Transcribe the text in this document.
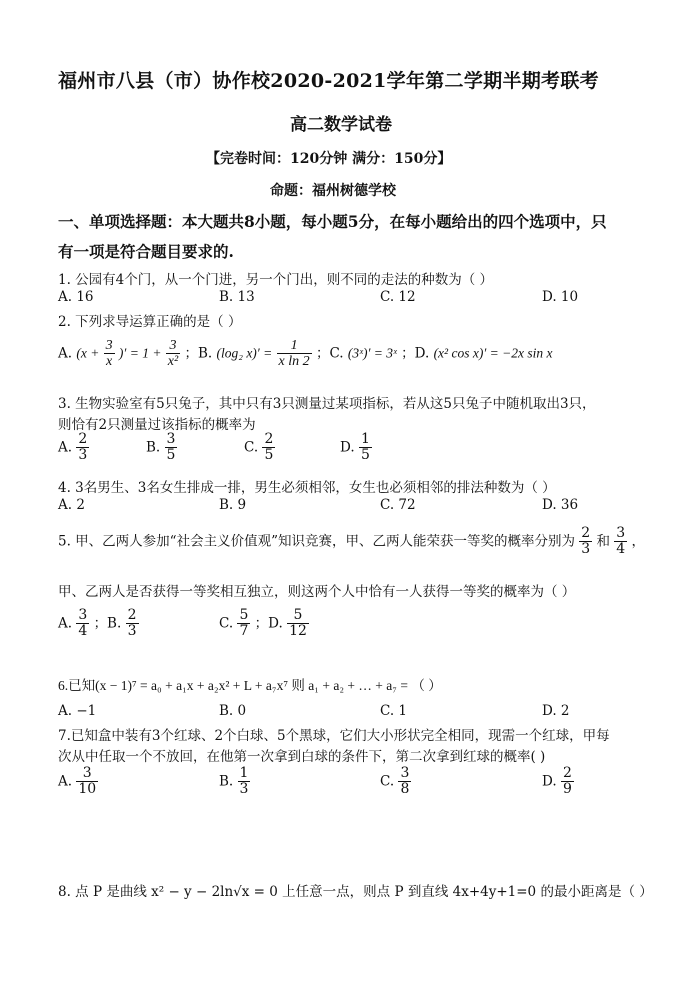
福州市八县（市）协作校2020-2021学年第二学期半期考联考
高二数学试卷
【完卷时间：120分钟 满分：150分】
命题：福州树德学校
一、单项选择题：本大题共8小题，每小题5分，在每小题给出的四个选项中，只
有一项是符合题目要求的.
1. 公园有4个门，从一个门进，另一个门出，则不同的走法的种数为（ ）
A. 16	B. 13	C. 12	D. 10
2. 下列求导运算正确的是（ ）
A. ($x + \frac{3}{x}$ )′ = $1 + \frac{3}{\text{x²}}$ ；B. (log₂ $x)' = \frac{1}{\text{x ln 2}}$ ；C. (3ˣ)′ = 3ˣ ；D. (x² cos x)′ = −2x sin x
3. 生物实验室有5只兔子，其中只有3只测量过某项指标，若从这5只兔子中随机取出3只，
则恰有2只测量过该指标的概率为
A. $\frac{2}{3}$	B. $\frac{3}{5}$	C. $\frac{2}{5}$	D. $\frac{1}{5}$
4. 3名男生、3名女生排成一排，男生必须相邻，女生也必须相邻的排法种数为（ ）
A. 2	B. 9	C. 72	D. 36
5. 甲、乙两人参加“社会主义价值观”知识竞赛，甲、乙两人能荣获一等奖的概率分别为 $\frac{2}{3}$ 和 $\frac{3}{4}$ ，
甲、乙两人是否获得一等奖相互独立，则这两个人中恰有一人获得一等奖的概率为（ ）
A. $\frac{3}{4}$ ；B. $\frac{2}{3}$	C. $\frac{5}{7}$ ；D. $\frac{5}{12}$
6.已知(x − 1)⁷ = a₀ + a₁x + a₂x² + L + a₇x⁷ 则 a₁ + a₂ + … + a₇ = （ ）
A. −1	B. 0	C. 1	D. 2
7.已知盒中装有3个红球、2个白球、5个黑球，它们大小形状完全相同，现需一个红球，甲每
次从中任取一个不放回，在他第一次拿到白球的条件下，第二次拿到红球的概率( )
A. $\frac{3}{10}$	B. $\frac{1}{3}$	C. $\frac{3}{8}$	D. $\frac{2}{9}$
8. 点 P 是曲线 x² − y − 2ln√x = 0 上任意一点，则点 P 到直线 4x+4y+1=0 的最小距离是（ ）
